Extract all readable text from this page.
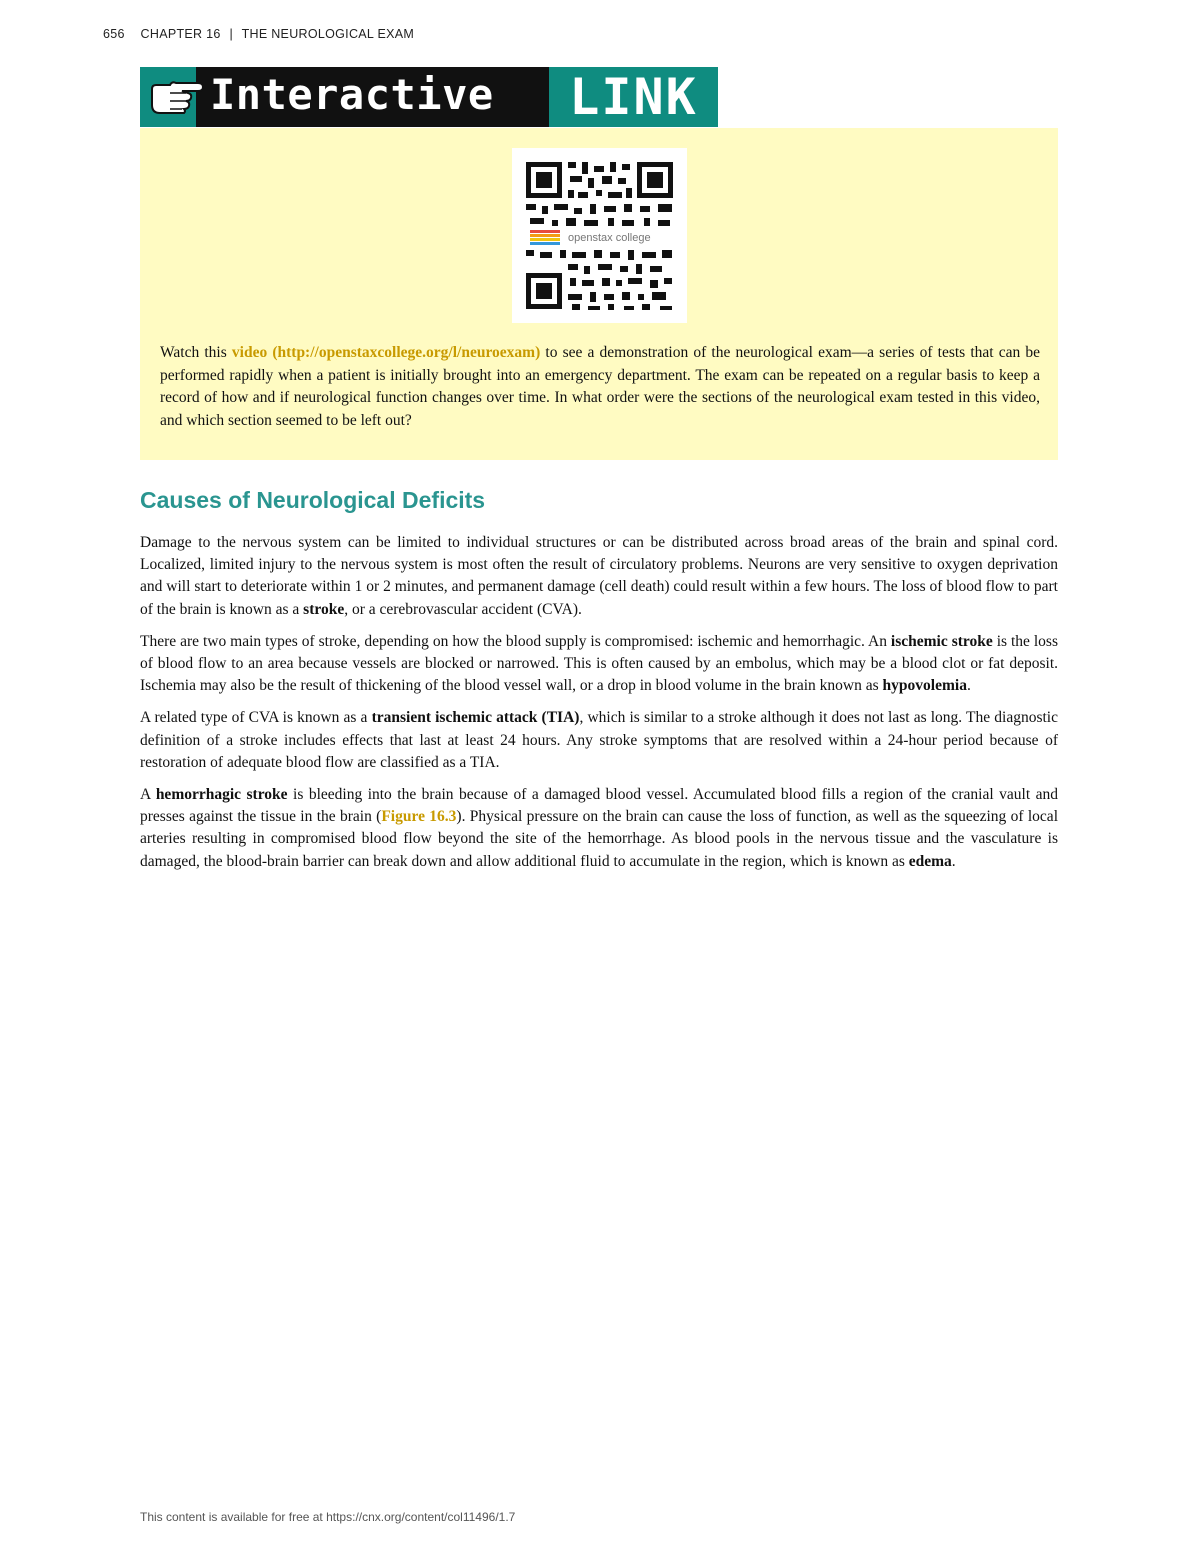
656 CHAPTER 16 | THE NEUROLOGICAL EXAM
Interactive LINK
openstax college
Watch this video (http://openstaxcollege.org/l/neuroexam) to see a demonstration of the neurological exam—a series of tests that can be performed rapidly when a patient is initially brought into an emergency department. The exam can be repeated on a regular basis to keep a record of how and if neurological function changes over time. In what order were the sections of the neurological exam tested in this video, and which section seemed to be left out?
Causes of Neurological Deficits

Damage to the nervous system can be limited to individual structures or can be distributed across broad areas of the brain and spinal cord. Localized, limited injury to the nervous system is most often the result of circulatory problems. Neurons are very sensitive to oxygen deprivation and will start to deteriorate within 1 or 2 minutes, and permanent damage (cell death) could result within a few hours. The loss of blood flow to part of the brain is known as a stroke, or a cerebrovascular accident (CVA).

There are two main types of stroke, depending on how the blood supply is compromised: ischemic and hemorrhagic. An ischemic stroke is the loss of blood flow to an area because vessels are blocked or narrowed. This is often caused by an embolus, which may be a blood clot or fat deposit. Ischemia may also be the result of thickening of the blood vessel wall, or a drop in blood volume in the brain known as hypovolemia.

A related type of CVA is known as a transient ischemic attack (TIA), which is similar to a stroke although it does not last as long. The diagnostic definition of a stroke includes effects that last at least 24 hours. Any stroke symptoms that are resolved within a 24-hour period because of restoration of adequate blood flow are classified as a TIA.

A hemorrhagic stroke is bleeding into the brain because of a damaged blood vessel. Accumulated blood fills a region of the cranial vault and presses against the tissue in the brain (Figure 16.3). Physical pressure on the brain can cause the loss of function, as well as the squeezing of local arteries resulting in compromised blood flow beyond the site of the hemorrhage. As blood pools in the nervous tissue and the vasculature is damaged, the blood-brain barrier can break down and allow additional fluid to accumulate in the region, which is known as edema.

This content is available for free at https://cnx.org/content/col11496/1.7
